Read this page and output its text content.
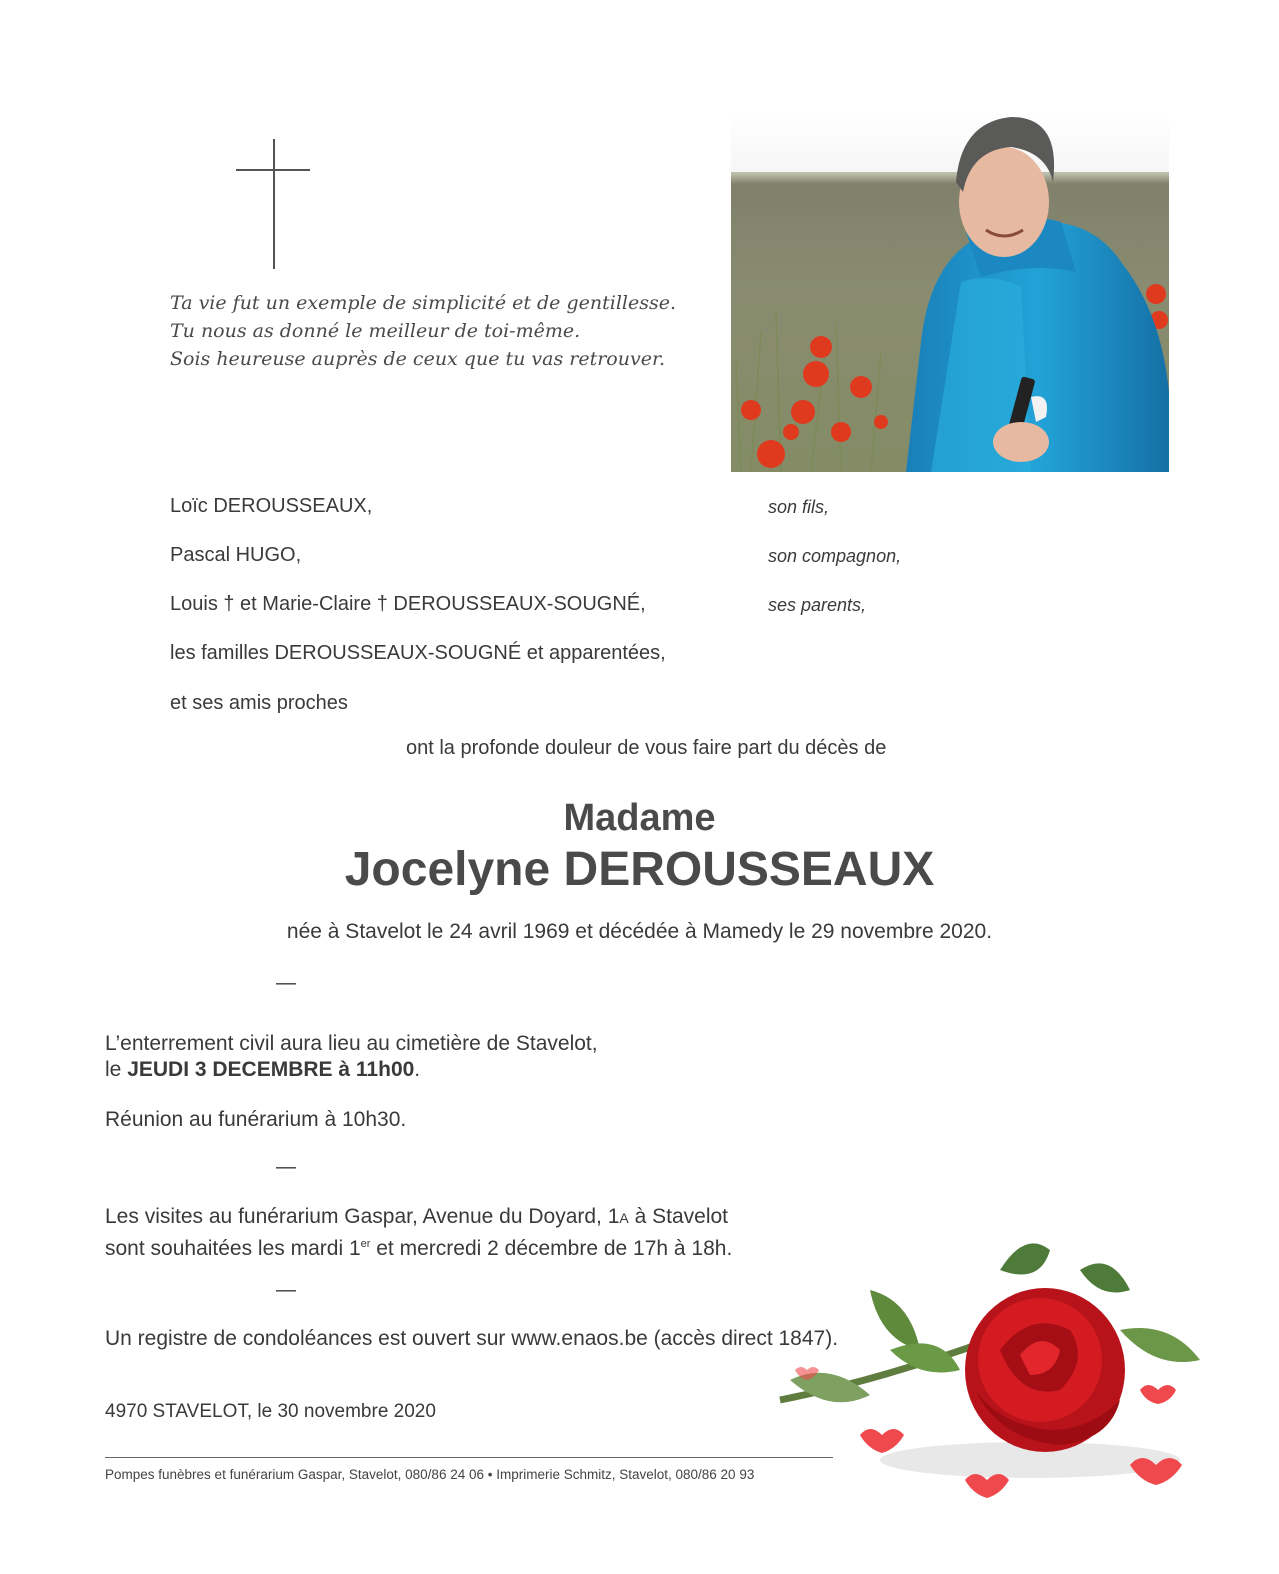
Ta vie fut un exemple de simplicité et de gentillesse.
Tu nous as donné le meilleur de toi-même.
Sois heureuse auprès de ceux que tu vas retrouver.
Loïc DEROUSSEAUX,	son fils,
Pascal HUGO,	son compagnon,
Louis † et Marie-Claire † DEROUSSEAUX-SOUGNÉ,	ses parents,
les familles DEROUSSEAUX-SOUGNÉ et apparentées,
et ses amis proches
ont la profonde douleur de vous faire part du décès de
Madame
Jocelyne DEROUSSEAUX
née à Stavelot le 24 avril 1969 et décédée à Mamedy le 29 novembre 2020.
—
L’enterrement civil aura lieu au cimetière de Stavelot,
le JEUDI 3 DECEMBRE à 11h00.
Réunion au funérarium à 10h30.
—
Les visites au funérarium Gaspar, Avenue du Doyard, 1A à Stavelot
sont souhaitées les mardi 1er et mercredi 2 décembre de 17h à 18h.
—
Un registre de condoléances est ouvert sur www.enaos.be (accès direct 1847).
4970 STAVELOT, le 30 novembre 2020
Pompes funèbres et funérarium Gaspar, Stavelot, 080/86 24 06 • Imprimerie Schmitz, Stavelot, 080/86 20 93
